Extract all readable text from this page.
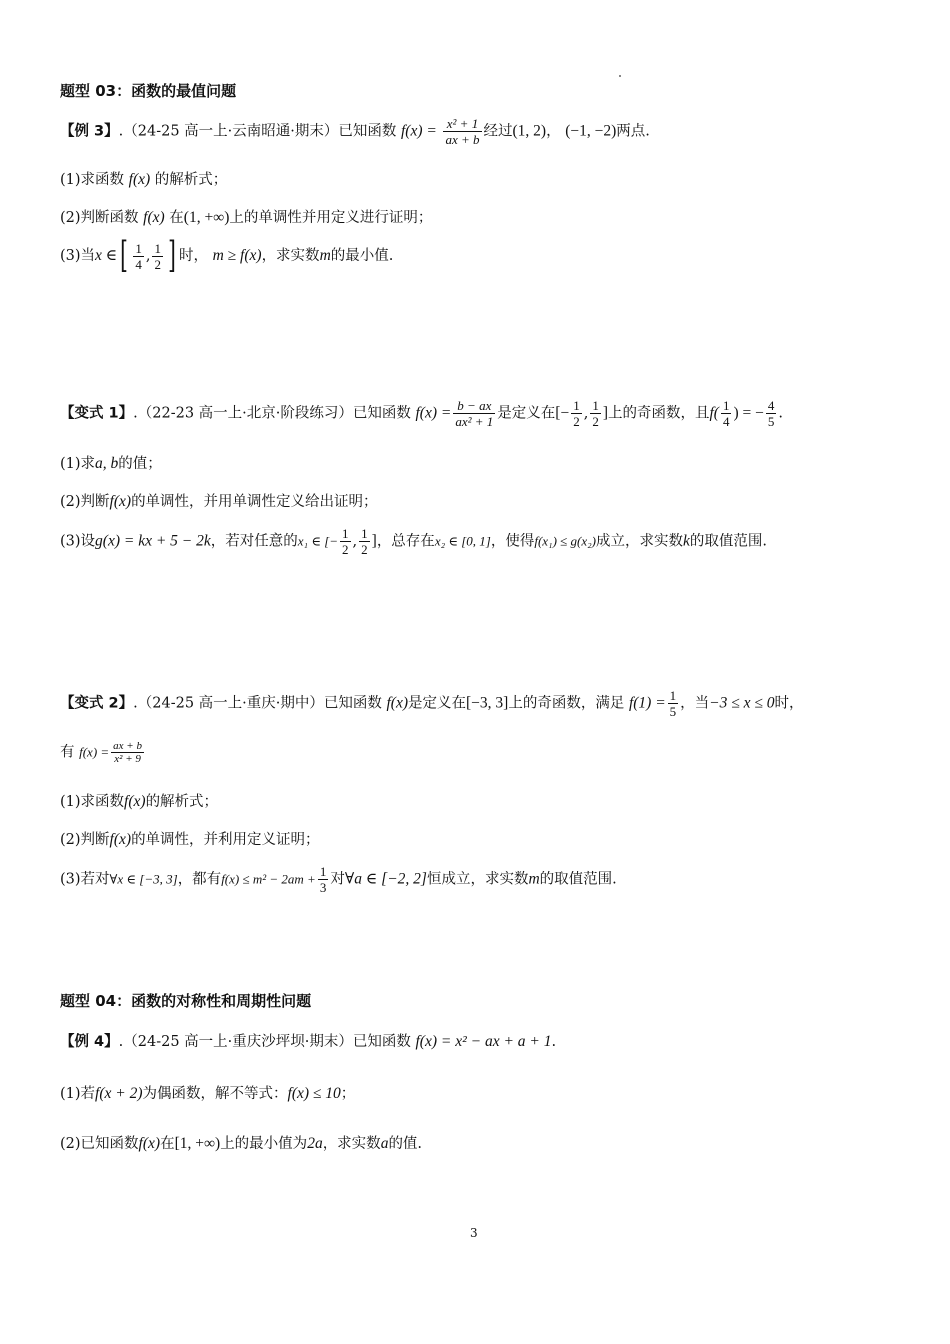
题型 03：函数的最值问题
【例 3】.（24-25 高一上·云南昭通·期末）已知函数 $f(x) = \frac{\text{x² + 1}}{ax + b}$ 经过(1, 2)， (−1, −2)两点.
(1)求函数 f(x) 的解析式；
(2)判断函数 f(x) 在(1, +∞)上的单调性并用定义进行证明；
(3)当x ∈[ $\frac{1}{4}$ , $\frac{1}{2}$ ] 时， m ≥ f(x)，求实数m的最小值.
【变式 1】.（22-23 高一上·北京·阶段练习）已知函数 $f(x) = \frac{b - ax}{\text{ax² + 1}}$ 是定义在[− $\frac{1}{2}$ , $\frac{1}{2}$ ]上的奇函数，且$f( \frac{1}{4}$ ) = − $\frac{4}{5}$ .
(1)求a, b的值；
(2)判断f(x)的单调性，并用单调性定义给出证明；
(3)设g(x) = kx + 5 − 2k，若对任意的x₁ ∈ [− $\frac{1}{2}$ , $\frac{1}{2}$ ]，总存在x₂ ∈ [0, 1]，使得f(x₁) ≤ g(x₂)成立，求实数k的取值范围.
【变式 2】.（24-25 高一上·重庆·期中）已知函数 f(x)是定义在[−3, 3]上的奇函数，满足 $f(1) = \frac{1}{5}$ ，当−3 ≤ x ≤ 0时，
有 $f(x) = \frac{ax + b}{\text{x² + 9}}$
(1)求函数f(x)的解析式；
(2)判断f(x)的单调性，并利用定义证明；
(3)若对∀x ∈ [−3, 3]，都有$f(x) \le m^2 - 2am + \frac{1}{3}$ 对∀a ∈ [−2, 2]恒成立，求实数m的取值范围.
题型 04：函数的对称性和周期性问题
【例 4】.（24-25 高一上·重庆沙坪坝·期末）已知函数 f(x) = x² − ax + a + 1.
(1)若f(x + 2)为偶函数，解不等式：f(x) ≤ 10；
(2)已知函数f(x)在[1, +∞)上的最小值为2a，求实数a的值.
3
